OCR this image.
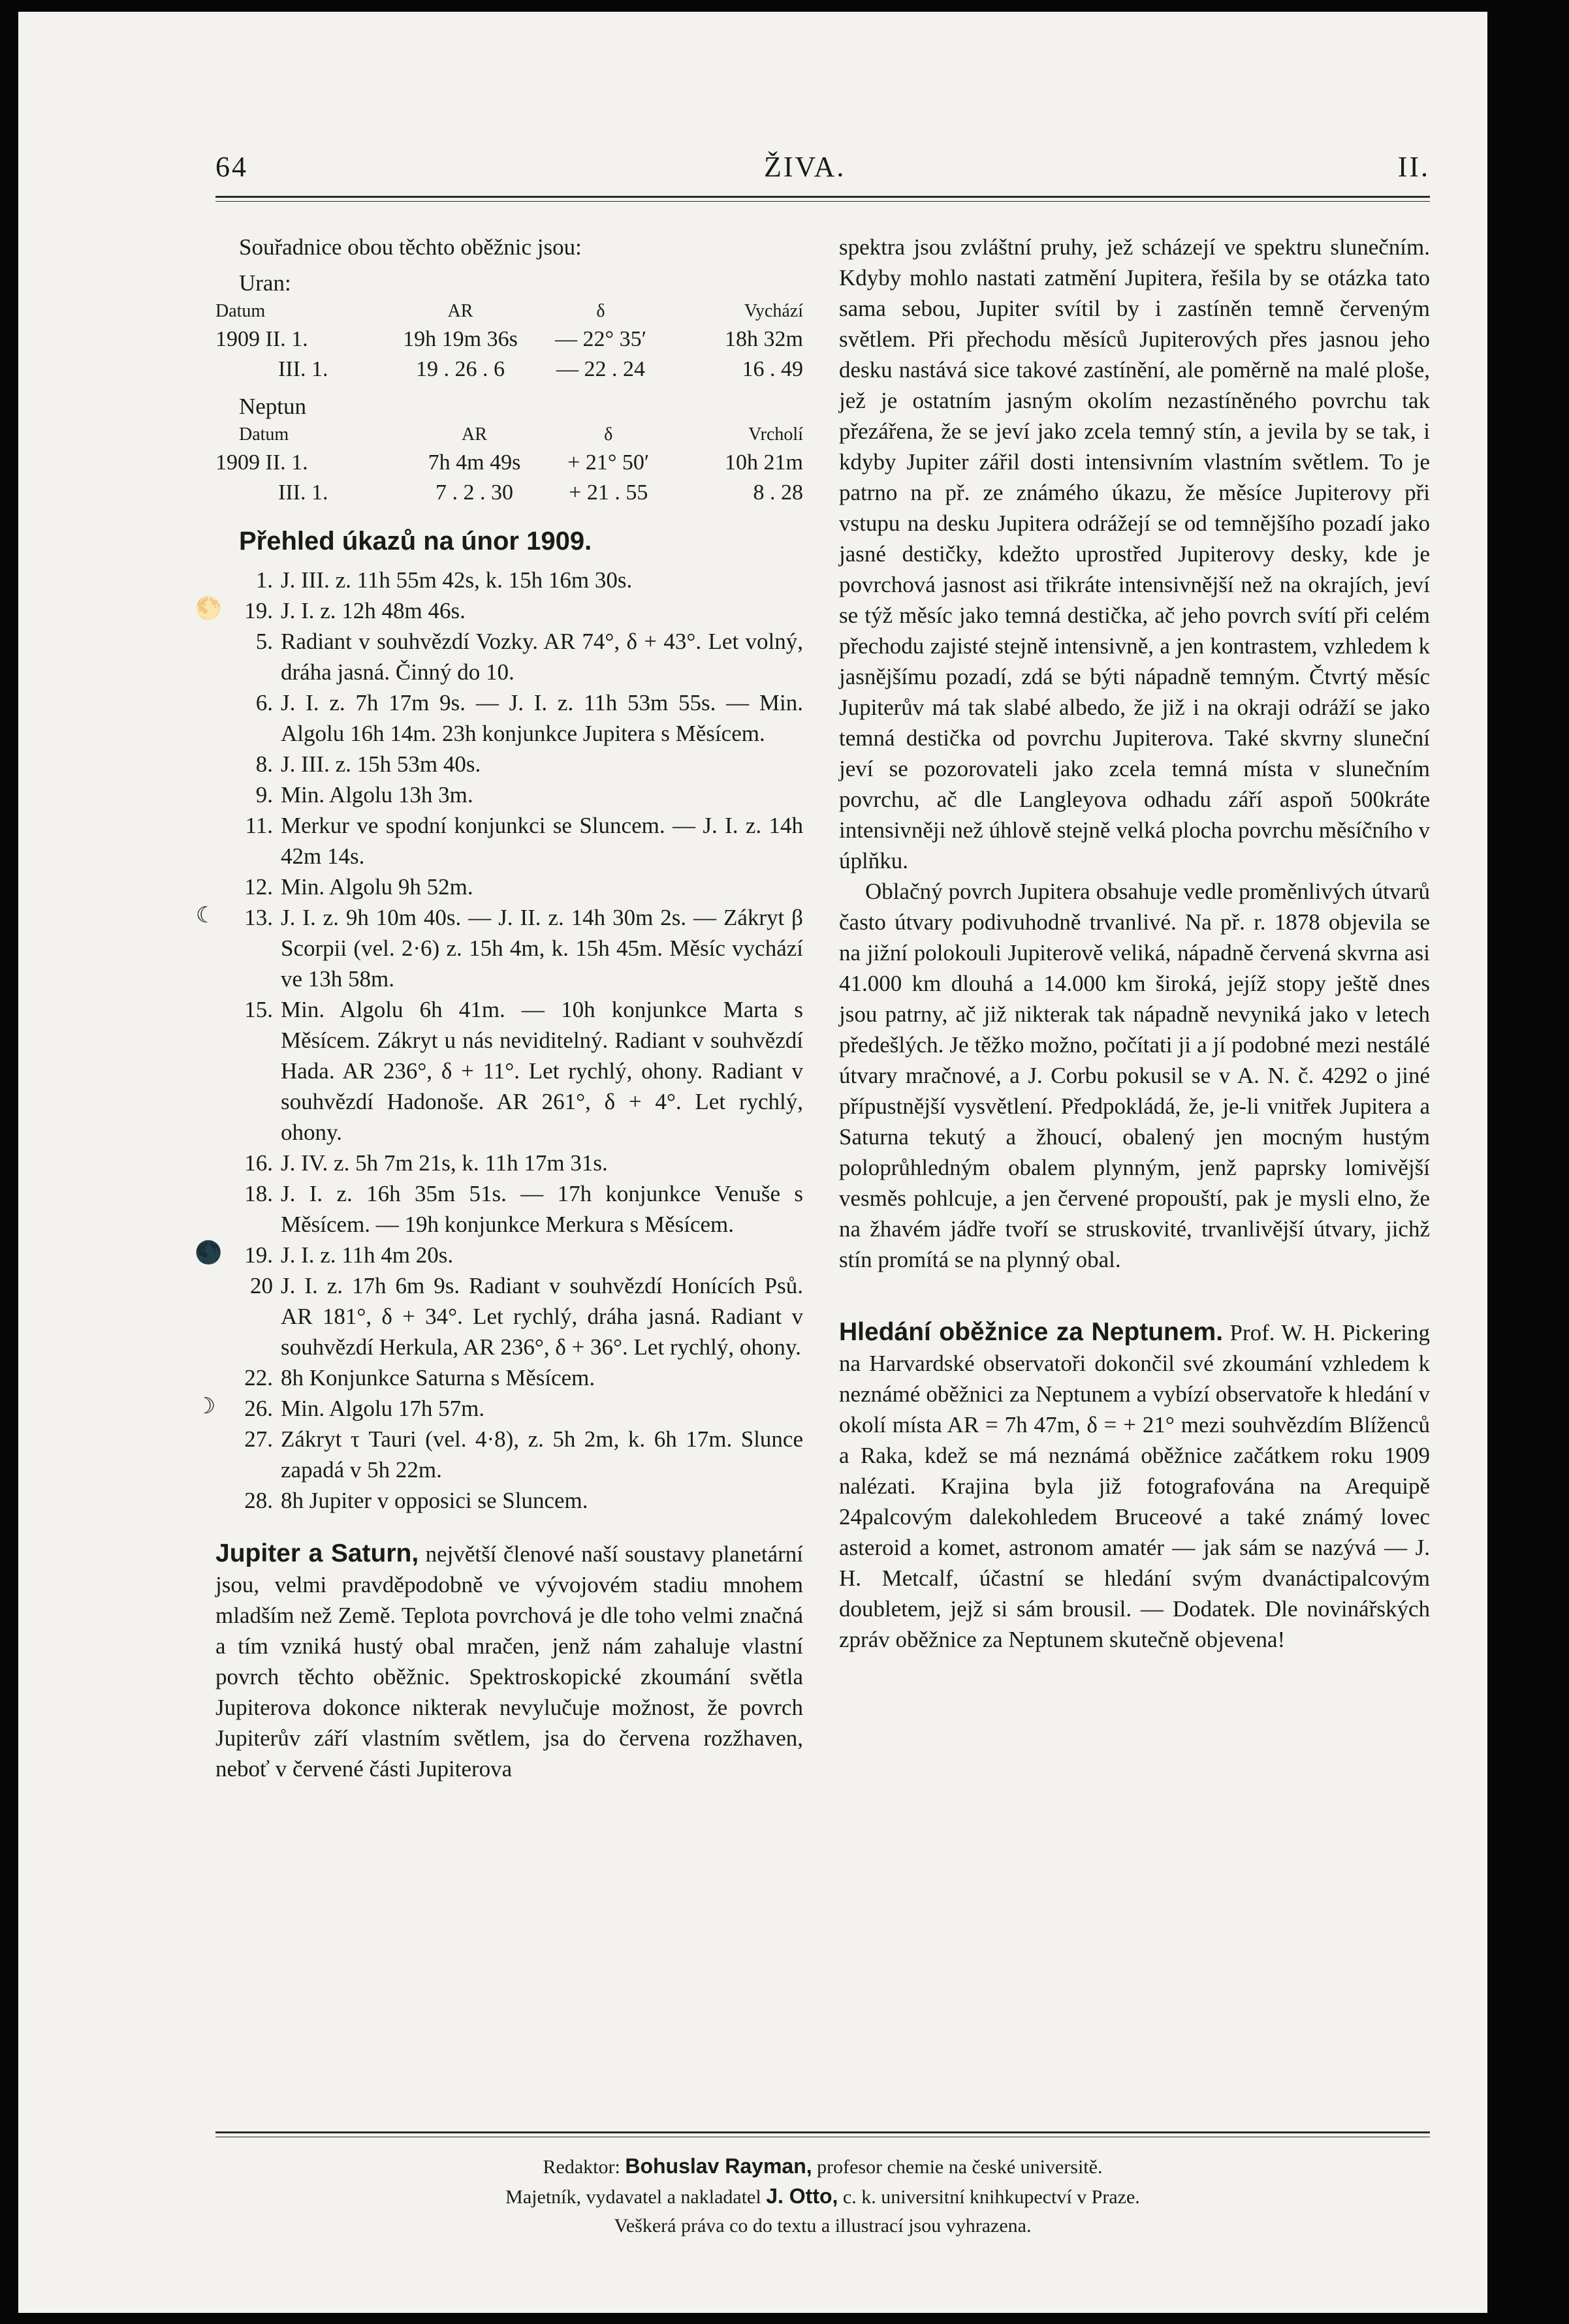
64	ŽIVA.	II.

Souřadnice obou těchto oběžnic jsou:

Uran:

Datum	AR	δ	Vychází
1909 II. 1.	19h 19m 36s	— 22° 35′	18h 32m
III. 1.	19 . 26 . 6	— 22 . 24	16 . 49

Neptun

Datum	AR	δ	Vrcholí
1909 II. 1.	7h 4m 49s	+ 21° 50′	10h 21m
III. 1.	7 . 2 . 30	+ 21 . 55	8 . 28
Přehled úkazů na únor 1909.

1. J. III. z. 11h 55m 42s, k. 15h 16m 30s.

🌕 19. J. I. z. 12h 48m 46s.

5. Radiant v souhvězdí Vozky. AR 74°, δ + 43°. Let volný, dráha jasná. Činný do 10.

6. J. I. z. 7h 17m 9s. — J. I. z. 11h 53m 55s. — Min. Algolu 16h 14m. 23h konjunkce Jupitera s Měsícem.

8. J. III. z. 15h 53m 40s.

9. Min. Algolu 13h 3m.

11. Merkur ve spodní konjunkci se Sluncem. — J. I. z. 14h 42m 14s.

12. Min. Algolu 9h 52m.

☾	13. J. I. z. 9h 10m 40s. — J. II. z. 14h 30m 2s. — Zákryt β Scorpii (vel. 2·6) z. 15h 4m, k. 15h 45m. Měsíc vychází ve 13h 58m.

15. Min. Algolu 6h 41m. — 10h konjunkce Marta s Měsícem. Zákryt u nás neviditelný. Radiant v souhvězdí Hada. AR 236°, δ + 11°. Let rychlý, ohony. Radiant v souhvězdí Hadonoše. AR 261°, δ + 4°. Let rychlý, ohony.

16. J. IV. z. 5h 7m 21s, k. 11h 17m 31s.

18. J. I. z. 16h 35m 51s. — 17h konjunkce Venuše s Měsícem. — 19h konjunkce Merkura s Měsícem.

🌑 19. J. I. z. 11h 4m 20s.

20 J. I. z. 17h 6m 9s. Radiant v souhvězdí Honících Psů. AR 181°, δ + 34°. Let rychlý, dráha jasná. Radiant v souhvězdí Herkula, AR 236°, δ + 36°. Let rychlý, ohony.

22. 8h Konjunkce Saturna s Měsícem.

☽	26. Min. Algolu 17h 57m.

27. Zákryt τ Tauri (vel. 4·8), z. 5h 2m, k. 6h 17m. Slunce zapadá v 5h 22m.

28. 8h Jupiter v opposici se Sluncem.

Jupiter a Saturn, největší členové naší soustavy planetární jsou, velmi pravděpodobně ve vývojovém stadiu mnohem mladším než Země. Teplota povrchová je dle toho velmi značná a tím vzniká hustý obal mračen, jenž nám zahaluje vlastní povrch těchto oběžnic. Spektroskopické zkoumání světla Jupiterova dokonce nikterak nevylučuje možnost, že povrch Jupiterův září vlastním světlem, jsa do červena rozžhaven, neboť v červené části Jupiterova

spektra jsou zvláštní pruhy, jež scházejí ve spektru slunečním. Kdyby mohlo nastati zatmění Jupitera, řešila by se otázka tato sama sebou, Jupiter svítil by i zastíněn temně červeným světlem. Při přechodu měsíců Jupiterových přes jasnou jeho desku nastává sice takové zastínění, ale poměrně na malé ploše, jež je ostatním jasným okolím nezastíněného povrchu tak přezářena, že se jeví jako zcela temný stín, a jevila by se tak, i kdyby Jupiter zářil dosti intensivním vlastním světlem. To je patrno na př. ze známého úkazu, že měsíce Jupiterovy při vstupu na desku Jupitera odrážejí se od temnějšího pozadí jako jasné destičky, kdežto uprostřed Jupiterovy desky, kde je povrchová jasnost asi třikráte intensivnější než na okrajích, jeví se týž měsíc jako temná destička, ač jeho povrch svítí při celém přechodu zajisté stejně intensivně, a jen kontrastem, vzhledem k jasnějšímu pozadí, zdá se býti nápadně temným. Čtvrtý měsíc Jupiterův má tak slabé albedo, že již i na okraji odráží se jako temná destička od povrchu Jupiterova. Také skvrny sluneční jeví se pozorovateli jako zcela temná místa v slunečním povrchu, ač dle Langleyova odhadu září aspoň 500kráte intensivněji než úhlově stejně velká plocha povrchu měsíčního v úplňku.

Oblačný povrch Jupitera obsahuje vedle proměnlivých útvarů často útvary podivuhodně trvanlivé. Na př. r. 1878 objevila se na jižní polokouli Jupiterově veliká, nápadně červená skvrna asi 41.000 km dlouhá a 14.000 km široká, jejíž stopy ještě dnes jsou patrny, ač již nikterak tak nápadně nevyniká jako v letech předešlých. Je těžko možno, počítati ji a jí podobné mezi nestálé útvary mračnové, a J. Corbu pokusil se v A. N. č. 4292 o jiné přípustnější vysvětlení. Předpokládá, že, je-li vnitřek Jupitera a Saturna tekutý a žhoucí, obalený jen mocným hustým poloprůhledným obalem plynným, jenž paprsky lomivější vesměs pohlcuje, a jen červené propouští, pak je mysli elno, že na žhavém jádře tvoří se struskovité, trvanlivější útvary, jichž stín promítá se na plynný obal.

Hledání oběžnice za Neptunem. Prof. W. H. Pickering na Harvardské observatoři dokončil své zkoumání vzhledem k neznámé oběžnici za Neptunem a vybízí observatoře k hledání v okolí místa AR = 7h 47m, δ = + 21° mezi souhvězdím Blíženců a Raka, kdež se má neznámá oběžnice začátkem roku 1909 nalézati. Krajina byla již fotografována na Arequipě 24palcovým dalekohledem Bruceové a také známý lovec asteroid a komet, astronom amatér — jak sám se nazývá — J. H. Metcalf, účastní se hledání svým dvanáctipalcovým doubletem, jejž si sám brousil. — Dodatek. Dle novinářských zpráv oběžnice za Neptunem skutečně objevena!

Redaktor: Bohuslav Rayman, profesor chemie na české universitě.
Majetník, vydavatel a nakladatel J. Otto, c. k. universitní knihkupectví v Praze.
Veškerá práva co do textu a illustrací jsou vyhrazena.
